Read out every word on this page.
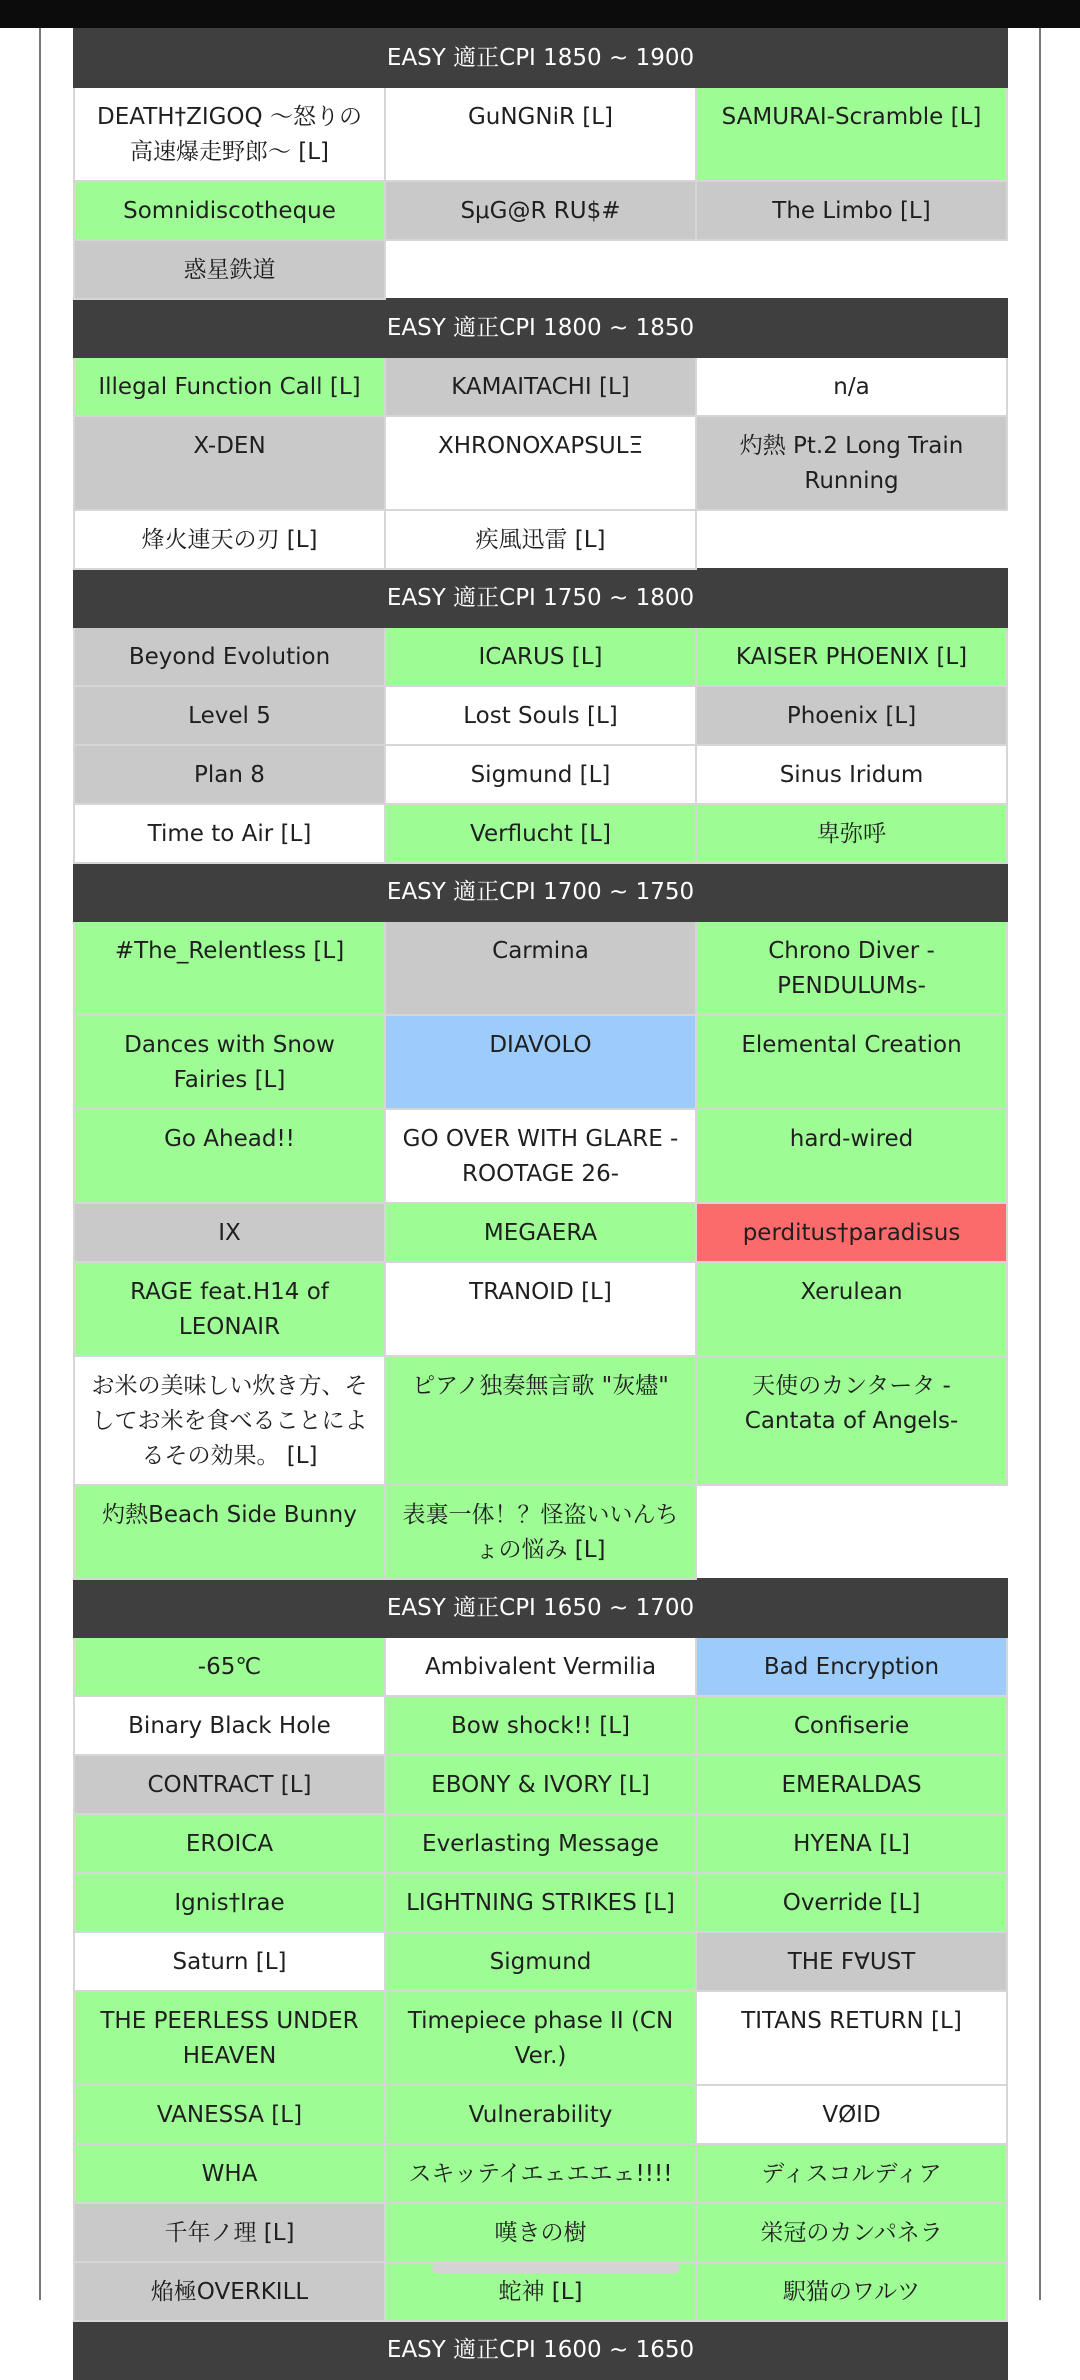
EASY 適正CPI 1850 ~ 1900		
DEATH†ZIGOQ ～怒りの高速爆走野郎～ [L]	GuNGNiR [L]	SAMURAI-Scramble [L]
Somnidiscotheque	SμG@R RU$#	The Limbo [L]
惑星鉄道		
EASY 適正CPI 1800 ~ 1850		
Illegal Function Call [L]	KAMAITACHI [L]	n/a
X-DEN	XHRONOXAPSULΞ	灼熱 Pt.2 Long Train Running
烽火連天の刃 [L]	疾風迅雷 [L]	
EASY 適正CPI 1750 ~ 1800		
Beyond Evolution	ICARUS [L]	KAISER PHOENIX [L]
Level 5	Lost Souls [L]	Phoenix [L]
Plan 8	Sigmund [L]	Sinus Iridum
Time to Air [L]	Verflucht [L]	卑弥呼
EASY 適正CPI 1700 ~ 1750		
#The_Relentless [L]	Carmina	Chrono Diver -PENDULUMs-
Dances with Snow Fairies [L]	DIAVOLO	Elemental Creation
Go Ahead!!	GO OVER WITH GLARE -ROOTAGE 26-	hard-wired
IX	MEGAERA	perditus†paradisus
RAGE feat.H14 of LEONAIR	TRANOID [L]	Xerulean
お米の美味しい炊き方、そしてお米を食べることによるその効果。 [L]	ピアノ独奏無言歌 "灰燼"	天使のカンタータ -Cantata of Angels-
灼熱Beach Side Bunny	表裏一体！？怪盗いいんちょの悩み [L]	
EASY 適正CPI 1650 ~ 1700		
-65℃	Ambivalent Vermilia	Bad Encryption
Binary Black Hole	Bow shock!! [L]	Confiserie
CONTRACT [L]	EBONY & IVORY [L]	EMERALDAS
EROICA	Everlasting Message	HYENA [L]
Ignis†Irae	LIGHTNING STRIKES [L]	Override [L]
Saturn [L]	Sigmund	THE F∀UST
THE PEERLESS UNDER HEAVEN	Timepiece phase II (CN Ver.)	TITANS RETURN [L]
VANESSA [L]	Vulnerability	VØID
WHA	スキッテイエェエエェ!!!!	ディスコルディア
千年ノ理 [L]	嘆きの樹	栄冠のカンパネラ
焔極OVERKILL	蛇神 [L]	駅猫のワルツ
EASY 適正CPI 1600 ~ 1650		
